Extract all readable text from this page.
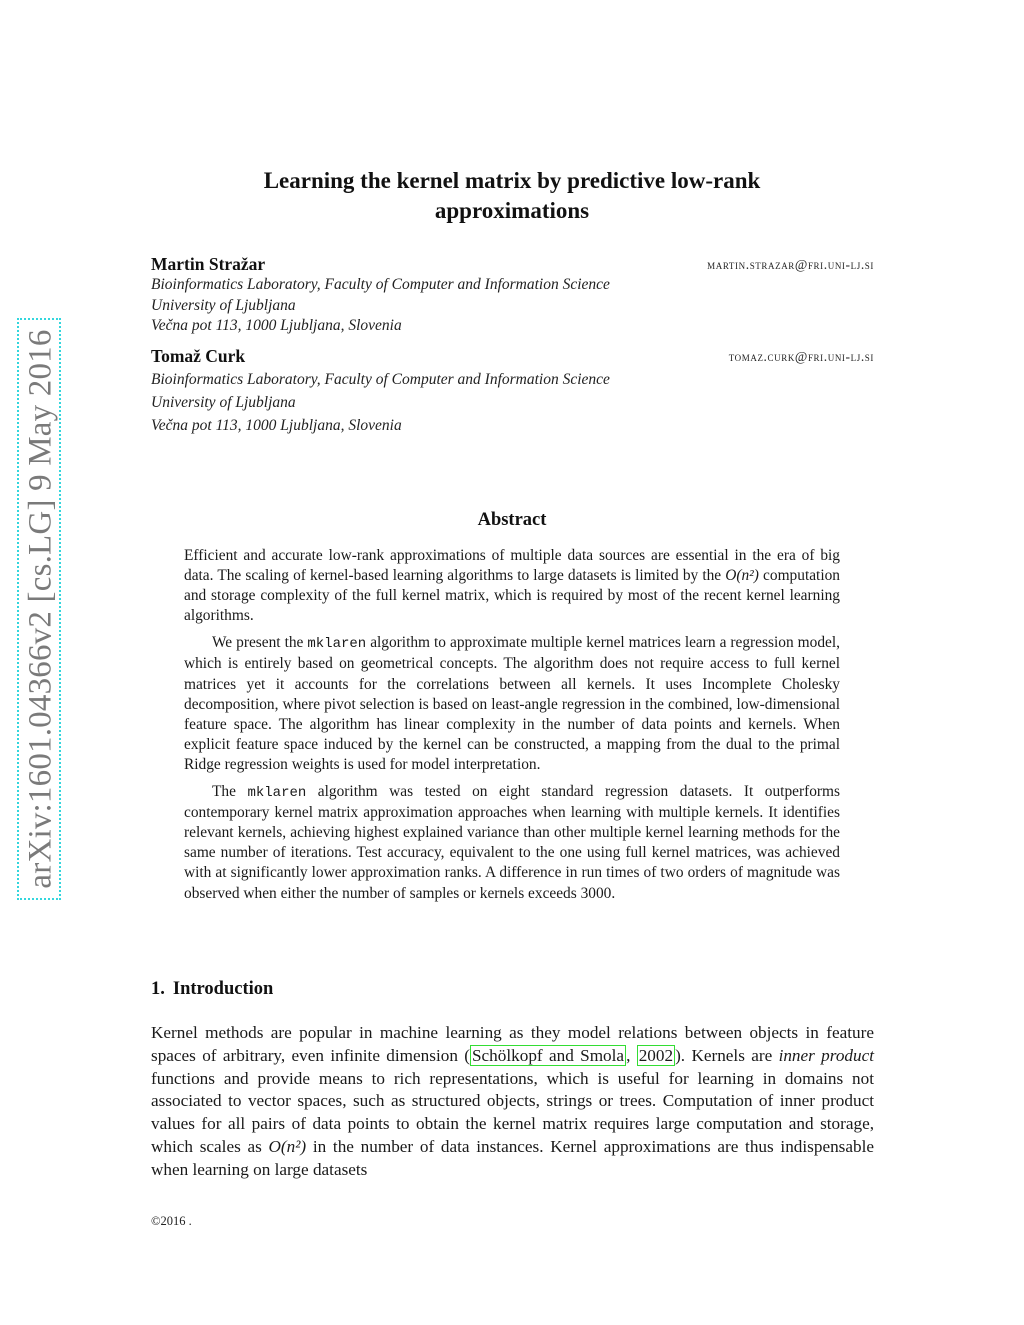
arXiv:1601.04366v2 [cs.LG] 9 May 2016
Learning the kernel matrix by predictive low-rank
approximations
Martin Stražar	martin.strazar@fri.uni-lj.si
Bioinformatics Laboratory, Faculty of Computer and Information Science
University of Ljubljana
Večna pot 113, 1000 Ljubljana, Slovenia
Tomaž Curk	tomaz.curk@fri.uni-lj.si
Bioinformatics Laboratory, Faculty of Computer and Information Science
University of Ljubljana
Večna pot 113, 1000 Ljubljana, Slovenia
Abstract

Efficient and accurate low-rank approximations of multiple data sources are essential in the era of big data. The scaling of kernel-based learning algorithms to large datasets is limited by the O(n²) computation and storage complexity of the full kernel matrix, which is required by most of the recent kernel learning algorithms.

We present the mklaren algorithm to approximate multiple kernel matrices learn a regression model, which is entirely based on geometrical concepts. The algorithm does not require access to full kernel matrices yet it accounts for the correlations between all kernels. It uses Incomplete Cholesky decomposition, where pivot selection is based on least-angle regression in the combined, low-dimensional feature space. The algorithm has linear complexity in the number of data points and kernels. When explicit feature space induced by the kernel can be constructed, a mapping from the dual to the primal Ridge regression weights is used for model interpretation.

The mklaren algorithm was tested on eight standard regression datasets. It outperforms contemporary kernel matrix approximation approaches when learning with multiple kernels. It identifies relevant kernels, achieving highest explained variance than other multiple kernel learning methods for the same number of iterations. Test accuracy, equivalent to the one using full kernel matrices, was achieved with at significantly lower approximation ranks. A difference in run times of two orders of magnitude was observed when either the number of samples or kernels exceeds 3000.

1. Introduction

Kernel methods are popular in machine learning as they model relations between objects in feature spaces of arbitrary, even infinite dimension ( Schölkopf and Smola , 2002 ). Kernels are inner product functions and provide means to rich representations, which is useful for learning in domains not associated to vector spaces, such as structured objects, strings or trees. Computation of inner product values for all pairs of data points to obtain the kernel matrix requires large computation and storage, which scales as O(n²) in the number of data instances. Kernel approximations are thus indispensable when learning on large datasets

©2016 .
